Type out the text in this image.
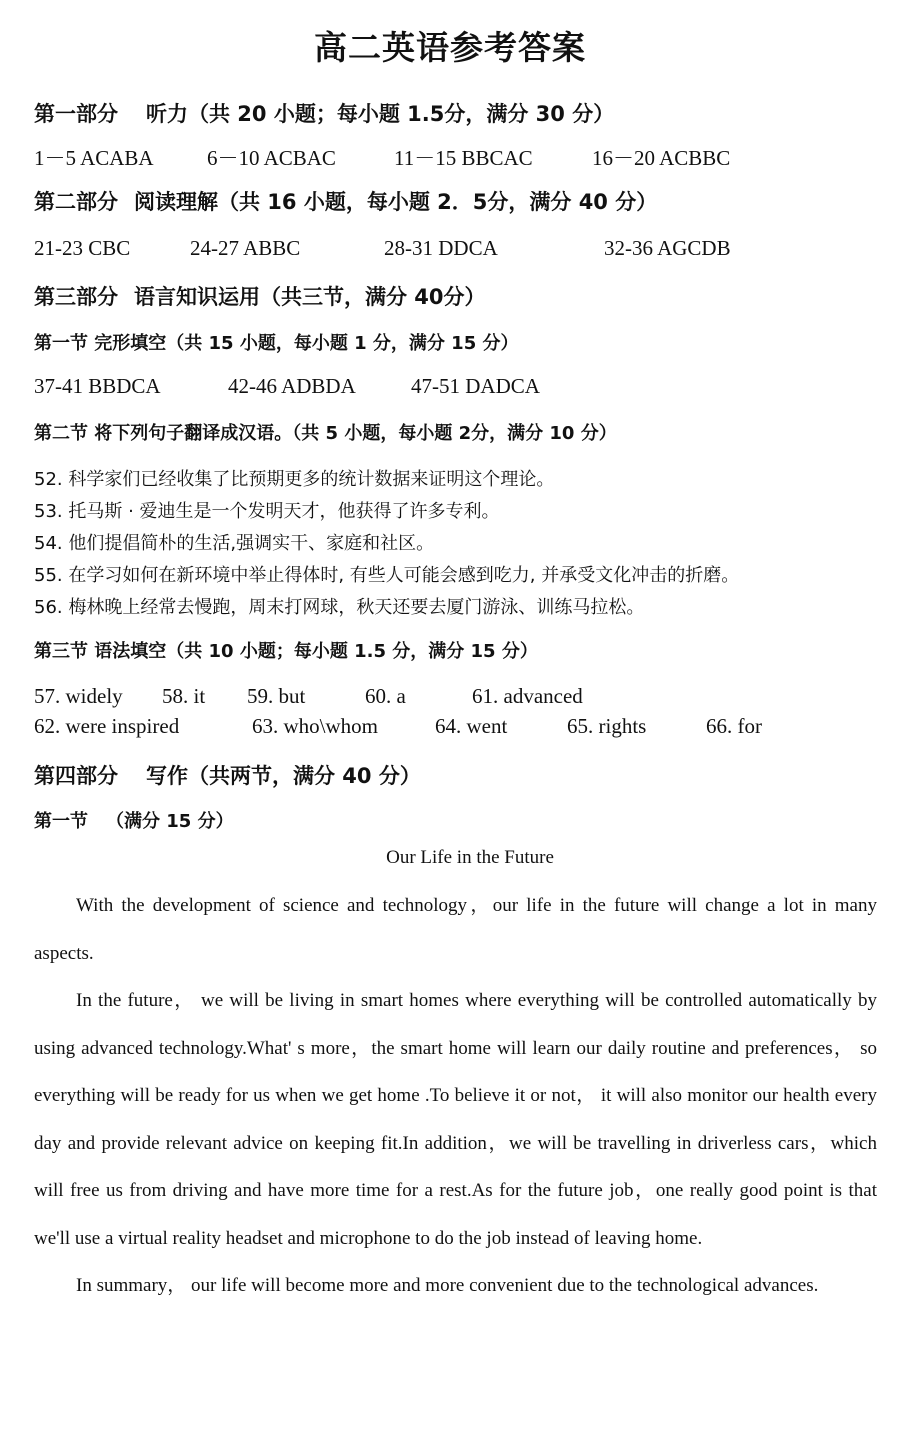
高二英语参考答案
第一部分 听力（共 20 小题；每小题 1.5分，满分 30 分）
1－5 ACABA	6－10 ACBAC	11－15 BBCAC	16－20 ACBBC
第二部分 阅读理解（共 16 小题，每小题 2．5分，满分 40 分）
21-23 CBC	24-27 ABBC	28-31 DDCA	32-36 AGCDB
第三部分 语言知识运用（共三节，满分 40分）
第一节 完形填空（共 15 小题，每小题 1 分，满分 15 分）
37-41 BBDCA	42-46 ADBDA	47-51 DADCA
第二节 将下列句子翻译成汉语。（共 5 小题，每小题 2分，满分 10 分）
52. 科学家们已经收集了比预期更多的统计数据来证明这个理论。
53. 托马斯 · 爱迪生是一个发明天才，他获得了许多专利。
54. 他们提倡简朴的生活,强调实干、家庭和社区。
55. 在学习如何在新环境中举止得体时, 有些人可能会感到吃力, 并承受文化冲击的折磨。
56. 梅林晚上经常去慢跑，周末打网球，秋天还要去厦门游泳、训练马拉松。
第三节 语法填空（共 10 小题；每小题 1.5 分，满分 15 分）
57. widely 58. it 59. but	60. a	61. advanced
62. were inspired	63. who\whom	64. went	65. rights	66. for
第四部分 写作（共两节，满分 40 分）
第一节 （满分 15 分）
Our Life in the Future

With the development of science and technology，our life in the future will change a lot in many aspects.

In the future， we will be living in smart homes where everything will be controlled automatically by using advanced technology.What' s more，the smart home will learn our daily routine and preferences， so everything will be ready for us when we get home .To believe it or not， it will also monitor our health every day and provide relevant advice on keeping fit.In addition，we will be travelling in driverless cars，which will free us from driving and have more time for a rest.As for the future job，one really good point is that we'll use a virtual reality headset and microphone to do the job instead of leaving home.

In summary， our life will become more and more convenient due to the technological advances.
